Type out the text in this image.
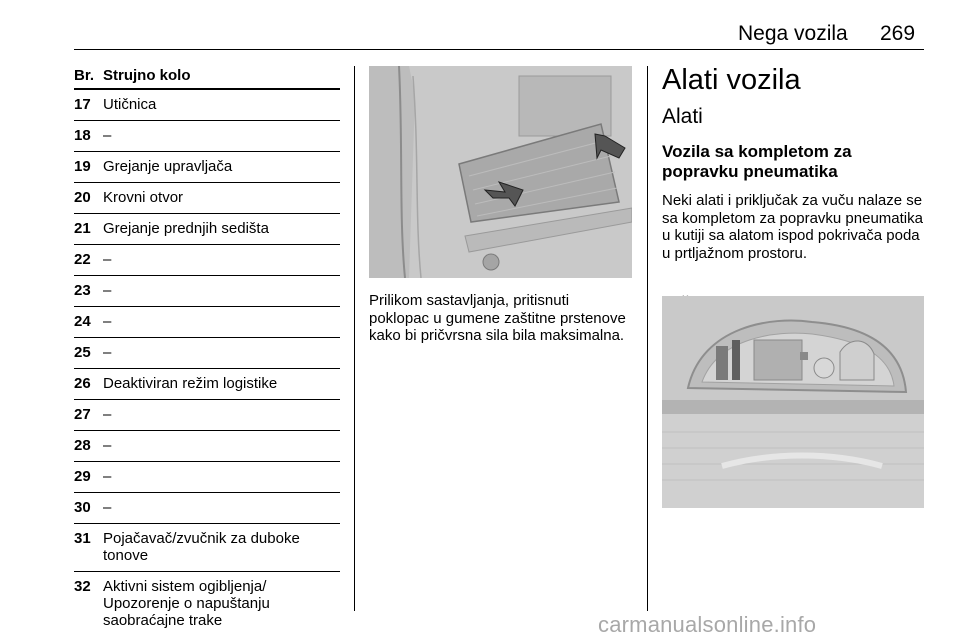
Nega vozila 269
Br. Strujno kolo
17 Utičnica
18 –
19 Grejanje upravljača
20 Krovni otvor
21 Grejanje prednjih sedišta
22 –
23 –
24 –
25 –
26 Deaktiviran režim logistike
27 –
28 –
29 –
30 –
31 Pojačavač/zvučnik za duboke tonove
32 Aktivni sistem ogibljenja/ Upozorenje o napuštanju saobraćajne trake
Prilikom sastavljanja, pritisnuti poklopac u gumene zaštitne prstenove kako bi pričvrsna sila bila maksimalna.
Alati vozila
Alati
Vozila sa kompletom za popravku pneumatika
Neki alati i priključak za vuču nalaze se sa kompletom za popravku pneumatika u kutiji sa alatom ispod pokrivača poda u prtljažnom prostoru.
carmanualsonline.info
